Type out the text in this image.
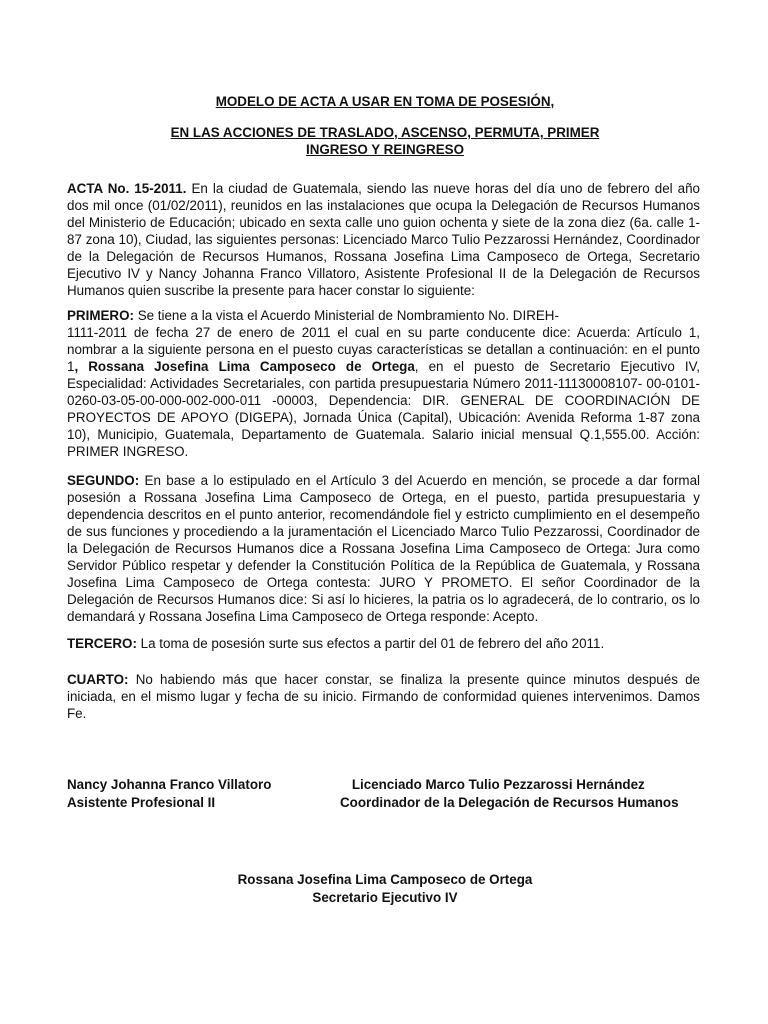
MODELO DE ACTA A USAR EN TOMA DE POSESIÓN,
EN LAS ACCIONES DE TRASLADO, ASCENSO, PERMUTA, PRIMER
INGRESO Y REINGRESO

ACTA No. 15-2011. En la ciudad de Guatemala, siendo las nueve horas del día uno de febrero del año dos mil once (01/02/2011), reunidos en las instalaciones que ocupa la Delegación de Recursos Humanos del Ministerio de Educación; ubicado en sexta calle uno guion ochenta y siete de la zona diez (6a. calle 1-87 zona 10), Ciudad, las siguientes personas: Licenciado Marco Tulio Pezzarossi Hernández, Coordinador de la Delegación de Recursos Humanos, Rossana Josefina Lima Camposeco de Ortega, Secretario Ejecutivo IV y Nancy Johanna Franco Villatoro, Asistente Profesional II de la Delegación de Recursos Humanos quien suscribe la presente para hacer constar lo siguiente:

PRIMERO: Se tiene a la vista el Acuerdo Ministerial de Nombramiento No. DIREH-
1111-2011 de fecha 27 de enero de 2011 el cual en su parte conducente dice: Acuerda: Artículo 1, nombrar a la siguiente persona en el puesto cuyas características se detallan a continuación: en el punto 1, Rossana Josefina Lima Camposeco de Ortega, en el puesto de Secretario Ejecutivo IV, Especialidad: Actividades Secretariales, con partida presupuestaria Número 2011-11130008107- 00-0101-0260-03-05-00-000-002-000-011 -00003, Dependencia: DIR. GENERAL DE COORDINACIÓN DE PROYECTOS DE APOYO (DIGEPA), Jornada Única (Capital), Ubicación: Avenida Reforma 1-87 zona 10), Municipio, Guatemala, Departamento de Guatemala. Salario inicial mensual Q.1,555.00. Acción: PRIMER INGRESO.

SEGUNDO: En base a lo estipulado en el Artículo 3 del Acuerdo en mención, se procede a dar formal posesión a Rossana Josefina Lima Camposeco de Ortega, en el puesto, partida presupuestaria y dependencia descritos en el punto anterior, recomendándole fiel y estricto cumplimiento en el desempeño de sus funciones y procediendo a la juramentación el Licenciado Marco Tulio Pezzarossi, Coordinador de la Delegación de Recursos Humanos dice a Rossana Josefina Lima Camposeco de Ortega: Jura como Servidor Público respetar y defender la Constitución Política de la República de Guatemala, y Rossana Josefina Lima Camposeco de Ortega contesta: JURO Y PROMETO. El señor Coordinador de la Delegación de Recursos Humanos dice: Si así lo hicieres, la patria os lo agradecerá, de lo contrario, os lo demandará y Rossana Josefina Lima Camposeco de Ortega responde: Acepto.

TERCERO: La toma de posesión surte sus efectos a partir del 01 de febrero del año 2011.

CUARTO: No habiendo más que hacer constar, se finaliza la presente quince minutos después de iniciada, en el mismo lugar y fecha de su inicio. Firmando de conformidad quienes intervenimos. Damos Fe.

Nancy Johanna Franco Villatoro
Asistente Profesional II
Licenciado Marco Tulio Pezzarossi Hernández
Coordinador de la Delegación de Recursos Humanos
Rossana Josefina Lima Camposeco de Ortega
Secretario Ejecutivo IV
